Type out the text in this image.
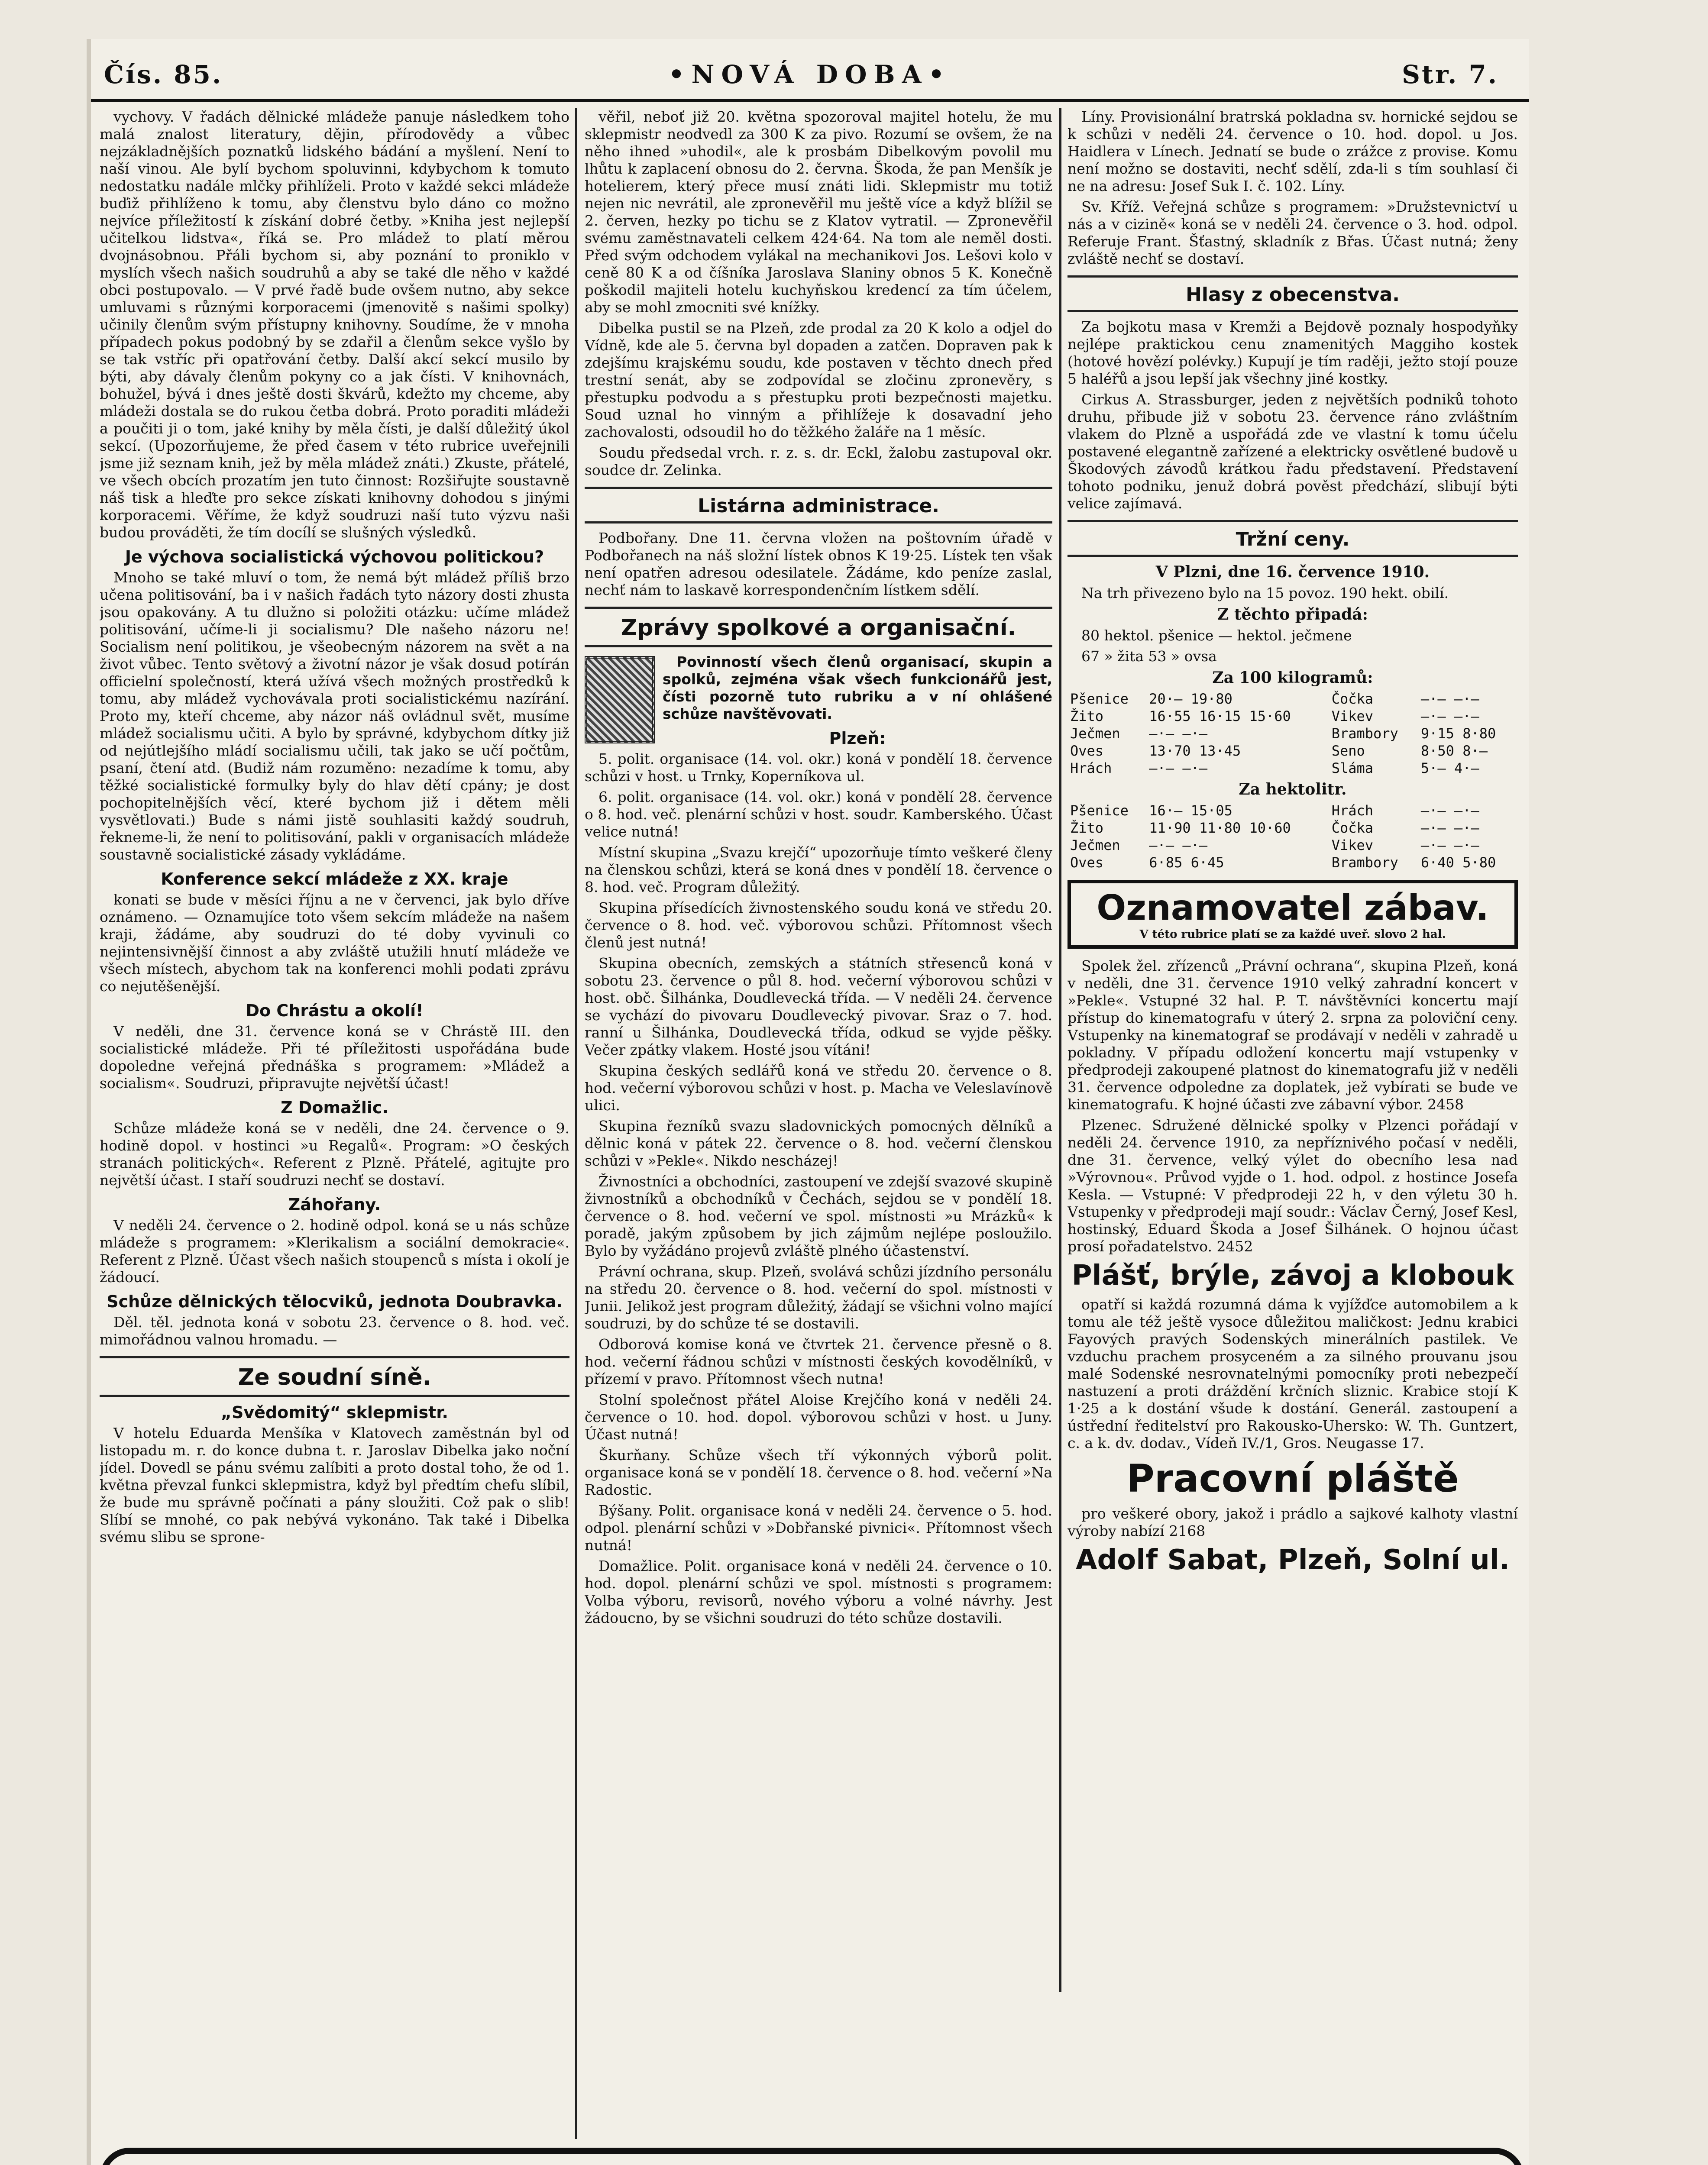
Čís. 85.	•NOVÁ DOBA•	Str. 7.

vychovy. V řadách dělnické mládeže panuje následkem toho malá znalost literatury, dějin, přírodovědy a vůbec nejzákladnějších poznatků lidského bádání a myšlení. Není to naší vinou. Ale bylí bychom spoluvinni, kdybychom k tomuto nedostatku nadále mlčky přihlíželi. Proto v každé sekci mládeže buďiž přihlíženo k tomu, aby členstvu bylo dáno co možno nejvíce příležitostí k získání dobré četby. »Kniha jest nejlepší učitelkou lidstva«, říká se. Pro mládež to platí měrou dvojnásobnou. Přáli bychom si, aby poznání to proniklo v myslích všech našich soudruhů a aby se také dle něho v každé obci postupovalo. — V prvé řadě bude ovšem nutno, aby sekce umluvami s různými korporacemi (jmenovitě s našimi spolky) učinily členům svým přístupny knihovny. Soudíme, že v mnoha případech pokus podobný by se zdařil a členům sekce vyšlo by se tak vstříc při opatřování četby. Další akcí sekcí musilo by býti, aby dávaly členům pokyny co a jak čísti. V knihovnách, bohužel, bývá i dnes ještě dosti škvárů, kdežto my chceme, aby mládeži dostala se do rukou četba dobrá. Proto poraditi mládeži a poučiti ji o tom, jaké knihy by měla čísti, je další důležitý úkol sekcí. (Upozorňujeme, že před časem v této rubrice uveřejnili jsme již seznam knih, jež by měla mládež znáti.) Zkuste, přátelé, ve všech obcích prozatím jen tuto činnost: Rozšiřujte soustavně náš tisk a hleďte pro sekce získati knihovny dohodou s jinými korporacemi. Věříme, že když soudruzi naší tuto výzvu naši budou prováděti, že tím docílí se slušných výsledků.

Je výchova socialistická výchovou politickou?

Mnoho se také mluví o tom, že nemá být mládež příliš brzo učena politisování, ba i v našich řadách tyto názory dosti zhusta jsou opakovány. A tu dlužno si položiti otázku: učíme mládež politisování, učíme-li ji socialismu? Dle našeho názoru ne! Socialism není politikou, je všeobecným názorem na svět a na život vůbec. Tento světový a životní názor je však dosud potírán officielní společností, která užívá všech možných prostředků k tomu, aby mládež vychovávala proti socialistickému nazírání. Proto my, kteří chceme, aby názor náš ovládnul svět, musíme mládež socialismu učiti. A bylo by správné, kdybychom dítky již od nejútlejšího mládí socialismu učili, tak jako se učí počtům, psaní, čtení atd. (Budiž nám rozuměno: nezadíme k tomu, aby těžké socialistické formulky byly do hlav dětí cpány; je dost pochopitelnějších věcí, které bychom již i dětem měli vysvětlovati.) Bude s námi jistě souhlasiti každý soudruh, řekneme-li, že není to politisování, pakli v organisacích mládeže soustavně socialistické zásady vykládáme.

Konference sekcí mládeže z XX. kraje

konati se bude v měsíci říjnu a ne v červenci, jak bylo dříve oznámeno. — Oznamujíce toto všem sekcím mládeže na našem kraji, žádáme, aby soudruzi do té doby vyvinuli co nejintensivnější činnost a aby zvláště utužili hnutí mládeže ve všech místech, abychom tak na konferenci mohli podati zprávu co nejutěšenější.

Do Chrástu a okolí!

V neděli, dne 31. července koná se v Chrástě III. den socialistické mládeže. Při té příležitosti uspořádána bude dopoledne veřejná přednáška s programem: »Mládež a socialism«. Soudruzi, připravujte největší účast!

Z Domažlic.

Schůze mládeže koná se v neděli, dne 24. července o 9. hodině dopol. v hostinci »u Regalů«. Program: »O českých stranách politických«. Referent z Plzně. Přátelé, agitujte pro největší účast. I staří soudruzi nechť se dostaví.

Záhořany.

V neděli 24. července o 2. hodině odpol. koná se u nás schůze mládeže s programem: »Klerikalism a sociální demokracie«. Referent z Plzně. Účast všech našich stoupenců s místa i okolí je žádoucí.

Schůze dělnických tělocviků, jednota Doubravka.

Děl. těl. jednota koná v sobotu 23. července o 8. hod. več. mimořádnou valnou hromadu. —

Ze soudní síně.
„Svědomitý“ sklepmistr.

V hotelu Eduarda Menšíka v Klatovech zaměstnán byl od listopadu m. r. do konce dubna t. r. Jaroslav Dibelka jako noční jídel. Dovedl se pánu svému zalíbiti a proto dostal toho, že od 1. května převzal funkci sklepmistra, když byl předtím chefu slíbil, že bude mu správně počínati a pány sloužiti. Což pak o slib! Slíbí se mnohé, co pak nebývá vykonáno. Tak také i Dibelka svému slibu se sprone-

věřil, neboť již 20. května spozoroval majitel hotelu, že mu sklepmistr neodvedl za 300 K za pivo. Rozumí se ovšem, že na něho ihned »uhodil«, ale k prosbám Dibelkovým povolil mu lhůtu k zaplacení obnosu do 2. června. Škoda, že pan Menšík je hotelierem, který přece musí znáti lidi. Sklepmistr mu totiž nejen nic nevrátil, ale zpronevěřil mu ještě více a když blížil se 2. červen, hezky po tichu se z Klatov vytratil. — Zpronevěřil svému zaměstnavateli celkem 424·64. Na tom ale neměl dosti. Před svým odchodem vylákal na mechanikovi Jos. Lešovi kolo v ceně 80 K a od číšníka Jaroslava Slaniny obnos 5 K. Konečně poškodil majiteli hotelu kuchyňskou kredencí za tím účelem, aby se mohl zmocniti své knížky.

Dibelka pustil se na Plzeň, zde prodal za 20 K kolo a odjel do Vídně, kde ale 5. června byl dopaden a zatčen. Dopraven pak k zdejšímu krajskému soudu, kde postaven v těchto dnech před trestní senát, aby se zodpovídal se zločinu zpronevěry, s přestupku podvodu a s přestupku proti bezpečnosti majetku. Soud uznal ho vinným a přihlížeje k dosavadní jeho zachovalosti, odsoudil ho do těžkého žaláře na 1 měsíc.

Soudu předsedal vrch. r. z. s. dr. Eckl, žalobu zastupoval okr. soudce dr. Zelinka.

Listárna administrace.

Podbořany. Dne 11. června vložen na poštovním úřadě v Podbořanech na náš složní lístek obnos K 19·25. Lístek ten však není opatřen adresou odesilatele. Žádáme, kdo peníze zaslal, nechť nám to laskavě korrespondenčním lístkem sdělí.

Zprávy spolkové a organisační.

Povinností všech členů organisací, skupin a spolků, zejména však všech funkcionářů jest, čísti pozorně tuto rubriku a v ní ohlášené schůze navštěvovati.

Plzeň:

5. polit. organisace (14. vol. okr.) koná v pondělí 18. července schůzi v host. u Trnky, Koperníkova ul.

6. polit. organisace (14. vol. okr.) koná v pondělí 28. července o 8. hod. več. plenární schůzi v host. soudr. Kamberského. Účast velice nutná!

Místní skupina „Svazu krejčí“ upozorňuje tímto veškeré členy na členskou schůzi, která se koná dnes v pondělí 18. července o 8. hod. več. Program důležitý.

Skupina přísedících živnostenského soudu koná ve středu 20. července o 8. hod. več. výborovou schůzi. Přítomnost všech členů jest nutná!

Skupina obecních, zemských a státních střesenců koná v sobotu 23. července o půl 8. hod. večerní výborovou schůzi v host. obč. Šilhánka, Doudlevecká třída. — V neděli 24. července se vychází do pivovaru Doudlevecký pivovar. Sraz o 7. hod. ranní u Šilhánka, Doudlevecká třída, odkud se vyjde pěšky. Večer zpátky vlakem. Hosté jsou vítáni!

Skupina českých sedlářů koná ve středu 20. července o 8. hod. večerní výborovou schůzi v host. p. Macha ve Veleslavínově ulici.

Skupina řezníků svazu sladovnických pomocných dělníků a dělnic koná v pátek 22. července o 8. hod. večerní členskou schůzi v »Pekle«. Nikdo nescházej!

Živnostníci a obchodníci, zastoupení ve zdejší svazové skupině živnostníků a obchodníků v Čechách, sejdou se v pondělí 18. července o 8. hod. večerní ve spol. místnosti »u Mrázků« k poradě, jakým způsobem by jich zájmům nejlépe posloužilo. Bylo by vyžádáno projevů zvláště plného účastenství.

Právní ochrana, skup. Plzeň, svolává schůzi jízdního personálu na středu 20. července o 8. hod. večerní do spol. místnosti v Junii. Jelikož jest program důležitý, žádají se všichni volno mající soudruzi, by do schůze té se dostavili.

Odborová komise koná ve čtvrtek 21. července přesně o 8. hod. večerní řádnou schůzi v místnosti českých kovodělníků, v přízemí v pravo. Přítomnost všech nutna!

Stolní společnost přátel Aloise Krejčího koná v neděli 24. července o 10. hod. dopol. výborovou schůzi v host. u Juny. Účast nutná!

Škurňany. Schůze všech tří výkonných výborů polit. organisace koná se v pondělí 18. července o 8. hod. večerní »Na Radostic.

Býšany. Polit. organisace koná v neděli 24. července o 5. hod. odpol. plenární schůzi v »Dobřanské pivnici«. Přítomnost všech nutná!

Domažlice. Polit. organisace koná v neděli 24. července o 10. hod. dopol. plenární schůzi ve spol. místnosti s programem: Volba výboru, revisorů, nového výboru a volné návrhy. Jest žádoucno, by se všichni soudruzi do této schůze dostavili.

Líny. Provisionální bratrská pokladna sv. hornické sejdou se k schůzi v neděli 24. července o 10. hod. dopol. u Jos. Haidlera v Línech. Jednatí se bude o zrážce z provise. Komu není možno se dostaviti, nechť sdělí, zda-li s tím souhlasí či ne na adresu: Josef Suk I. č. 102. Líny.

Sv. Kříž. Veřejná schůze s programem: »Družstevnictví u nás a v cizině« koná se v neděli 24. července o 3. hod. odpol. Referuje Frant. Šťastný, skladník z Břas. Účast nutná; ženy zvláště nechť se dostaví.

Hlasy z obecenstva.

Za bojkotu masa v Kremži a Bejdově poznaly hospodyňky nejlépe praktickou cenu znamenitých Maggiho kostek (hotové hovězí polévky.) Kupují je tím raději, ježto stojí pouze 5 haléřů a jsou lepší jak všechny jiné kostky.

Cirkus A. Strassburger, jeden z největších podniků tohoto druhu, přibude již v sobotu 23. července ráno zvláštním vlakem do Plzně a uspořádá zde ve vlastní k tomu účelu postavené elegantně zařízené a elektricky osvětlené budově u Škodových závodů krátkou řadu představení. Představení tohoto podniku, jenuž dobrá pověst předchází, slibují býti velice zajímavá.

Tržní ceny.
V Plzni, dne 16. července 1910.

Na trh přivezeno bylo na 15 povoz. 190 hekt. obilí.

Z těchto připadá:

80 hektol. pšenice — hektol. ječmene

67 » žita 53 » ovsa

Za 100 kilogramů:
Pšenice	20·— 19·80	Čočka	—·— —·—
Žito	16·55 16·15 15·60	Vikev	—·— —·—
Ječmen	—·— —·—	Brambory	9·15 8·80
Oves	13·70 13·45	Seno	8·50 8·—
Hrách	—·— —·—	Sláma	5·— 4·—
Za hektolitr.
Pšenice	16·— 15·05	Hrách	—·— —·—
Žito	11·90 11·80 10·60	Čočka	—·— —·—
Ječmen	—·— —·—	Vikev	—·— —·—
Oves	6·85 6·45	Brambory	6·40 5·80
Oznamovatel zábav.
V této rubrice platí se za každé uveř. slovo 2 hal.

Spolek žel. zřízenců „Právní ochrana“, skupina Plzeň, koná v neděli, dne 31. července 1910 velký zahradní koncert v »Pekle«. Vstupné 32 hal. P. T. návštěvníci koncertu mají přístup do kinematografu v úterý 2. srpna za poloviční ceny. Vstupenky na kinematograf se prodávají v neděli v zahradě u pokladny. V případu odložení koncertu mají vstupenky v předprodeji zakoupené platnost do kinematografu již v neděli 31. července odpoledne za doplatek, jež vybírati se bude ve kinematografu. K hojné účasti zve zábavní výbor. 2458

Plzenec. Sdružené dělnické spolky v Plzenci pořádají v neděli 24. července 1910, za nepříznivého počasí v neděli, dne 31. července, velký výlet do obecního lesa nad »Výrovnou«. Průvod vyjde o 1. hod. odpol. z hostince Josefa Kesla. — Vstupné: V předprodeji 22 h, v den výletu 30 h. Vstupenky v předprodeji mají soudr.: Václav Černý, Josef Kesl, hostinský, Eduard Škoda a Josef Šilhánek. O hojnou účast prosí pořadatelstvo. 2452

Plášť, brýle, závoj a klobouk

opatří si každá rozumná dáma k vyjížďce automobilem a k tomu ale též ještě vysoce důležitou maličkost: Jednu krabici Fayových pravých Sodenských minerálních pastilek. Ve vzduchu prachem prosyceném a za silného prouvanu jsou malé Sodenské nesrovnatelnými pomocníky proti nebezpečí nastuzení a proti dráždění krčních sliznic. Krabice stojí K 1·25 a k dostání všude k dostání. Generál. zastoupení a ústřední ředitelství pro Rakousko-Uhersko: W. Th. Guntzert, c. a k. dv. dodav., Vídeň IV./1, Gros. Neugasse 17.

Pracovní pláště

pro veškeré obory, jakož i prádlo a sajkové kalhoty vlastní výroby nabízí 2168

Adolf Sabat, Plzeň, Solní ul.
